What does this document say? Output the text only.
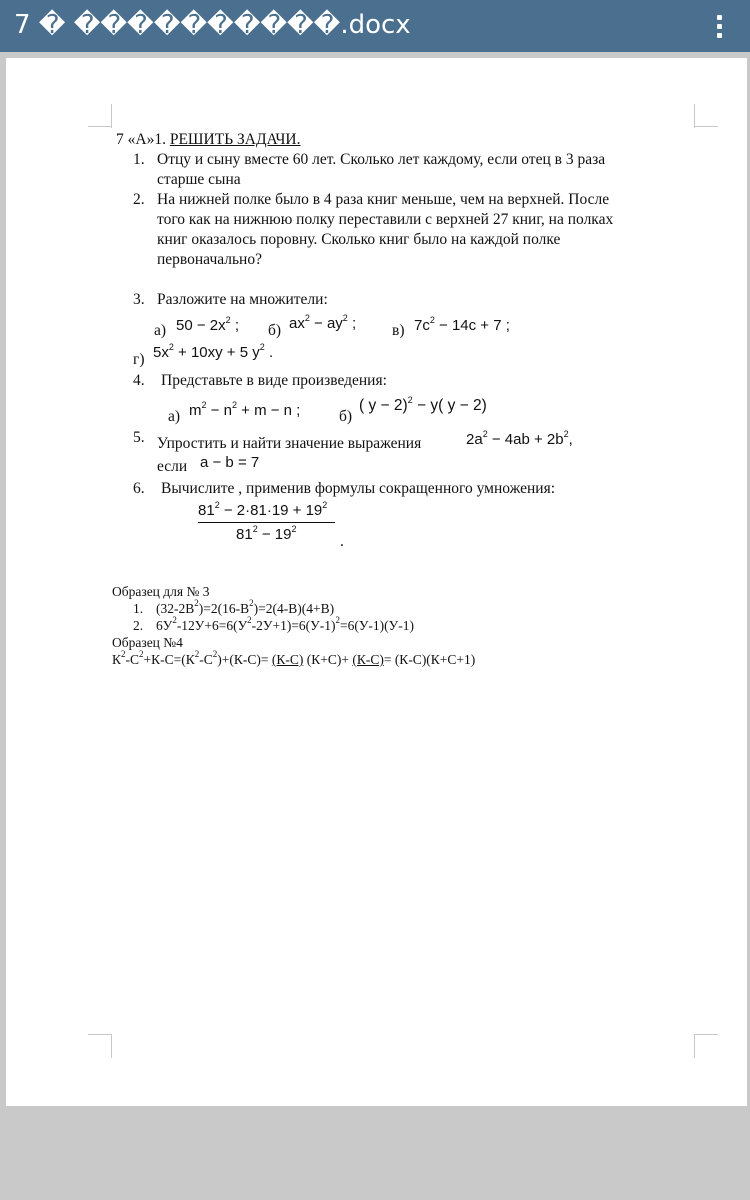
7 � ����������.docx
7 «А»1. РЕШИТЬ ЗАДАЧИ.
1. Отцу и сыну вместе 60 лет. Сколько лет каждому, если отец в 3 раза
старше сына
2. На нижней полке было в 4 раза книг меньше, чем на верхней. После
того как на нижнюю полку переставили с верхней 27 книг, на полках
книг оказалось поровну. Сколько книг было на каждой полке
первоначально?
3. Разложите на множители:
а) $50 - 2x^2$ ; б) $ax^2 - ay^2$ ; в) $7c^2 - 14c + 7$ ;
г) $5x^2 + 10xy + 5$ $y^2$ .
4. Представьте в виде произведения:
а) $m^2 - n^2 + m - n$ ; б)
( y − 2)$^2$ − y( y − 2)
5. Упростить и найти значение выражения	$2a^2 - 4ab + 2b^2$,
если a − b = 7
6. Вычислите , применив формулы сокращенного умножения:
$81^2 - 2\cdot 81\cdot 19 + 19^2$
$81^2 - 19^2$
.
Образец для № 3
1. $(32-2В^2)=2(16-В^2)=2(4-В)(4+В)$
2. $6У^2-12У+6=6(У^2-2У+1)=6(У-1)^2=6(У-1)(У-1)$
Образец №4
$К^2-С^2+К-С=(К^2-С^2)+(К-С)= (К-С)$ (К+С)+ (К-С)= (К-С)(К+С+1)
